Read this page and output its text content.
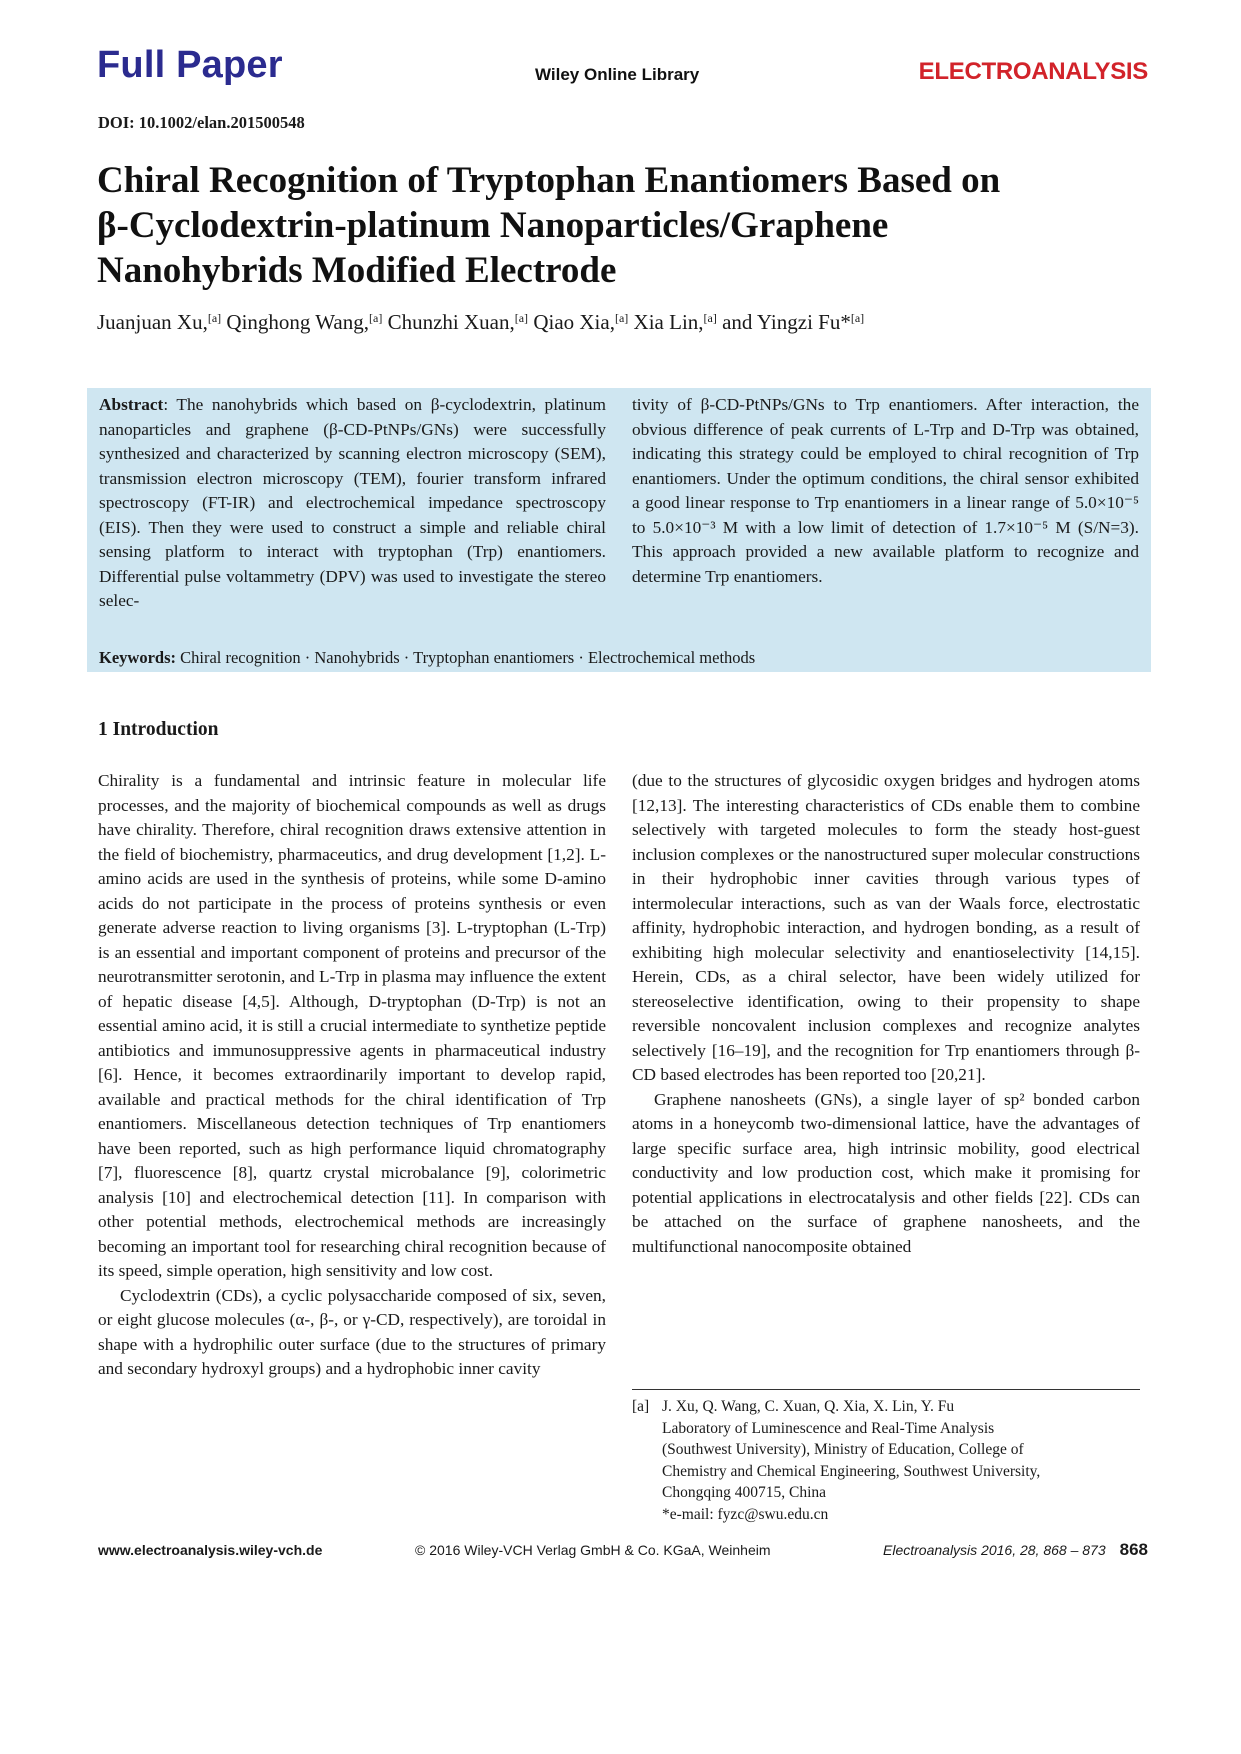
Full Paper	Wiley Online Library	ELECTROANALYSIS
DOI: 10.1002/elan.201500548
Chiral Recognition of Tryptophan Enantiomers Based on
β-Cyclodextrin-platinum Nanoparticles/Graphene
Nanohybrids Modified Electrode
Juanjuan Xu,[a] Qinghong Wang,[a] Chunzhi Xuan,[a] Qiao Xia,[a] Xia Lin,[a] and Yingzi Fu*[a]

Abstract: The nanohybrids which based on β-cyclodextrin, platinum nanoparticles and graphene (β-CD-PtNPs/GNs) were successfully synthesized and characterized by scanning electron microscopy (SEM), transmission electron microscopy (TEM), fourier transform infrared spectroscopy (FT-IR) and electrochemical impedance spectroscopy (EIS). Then they were used to construct a simple and reliable chiral sensing platform to interact with tryptophan (Trp) enantiomers. Differential pulse voltammetry (DPV) was used to investigate the stereo selec-

tivity of β-CD-PtNPs/GNs to Trp enantiomers. After interaction, the obvious difference of peak currents of L-Trp and D-Trp was obtained, indicating this strategy could be employed to chiral recognition of Trp enantiomers. Under the optimum conditions, the chiral sensor exhibited a good linear response to Trp enantiomers in a linear range of 5.0×10⁻⁵ to 5.0×10⁻³ M with a low limit of detection of 1.7×10⁻⁵ M (S/N=3). This approach provided a new available platform to recognize and determine Trp enantiomers.

Keywords: Chiral recognition · Nanohybrids · Tryptophan enantiomers · Electrochemical methods
1 Introduction

Chirality is a fundamental and intrinsic feature in molecular life processes, and the majority of biochemical compounds as well as drugs have chirality. Therefore, chiral recognition draws extensive attention in the field of biochemistry, pharmaceutics, and drug development [1,2]. L-amino acids are used in the synthesis of proteins, while some D-amino acids do not participate in the process of proteins synthesis or even generate adverse reaction to living organisms [3]. L-tryptophan (L-Trp) is an essential and important component of proteins and precursor of the neurotransmitter serotonin, and L-Trp in plasma may influence the extent of hepatic disease [4,5]. Although, D-tryptophan (D-Trp) is not an essential amino acid, it is still a crucial intermediate to synthetize peptide antibiotics and immunosuppressive agents in pharmaceutical industry [6]. Hence, it becomes extraordinarily important to develop rapid, available and practical methods for the chiral identification of Trp enantiomers. Miscellaneous detection techniques of Trp enantiomers have been reported, such as high performance liquid chromatography [7], fluorescence [8], quartz crystal microbalance [9], colorimetric analysis [10] and electrochemical detection [11]. In comparison with other potential methods, electrochemical methods are increasingly becoming an important tool for researching chiral recognition because of its speed, simple operation, high sensitivity and low cost.

Cyclodextrin (CDs), a cyclic polysaccharide composed of six, seven, or eight glucose molecules (α-, β-, or γ-CD, respectively), are toroidal in shape with a hydrophilic outer surface (due to the structures of primary and secondary hydroxyl groups) and a hydrophobic inner cavity

(due to the structures of glycosidic oxygen bridges and hydrogen atoms [12,13]. The interesting characteristics of CDs enable them to combine selectively with targeted molecules to form the steady host-guest inclusion complexes or the nanostructured super molecular constructions in their hydrophobic inner cavities through various types of intermolecular interactions, such as van der Waals force, electrostatic affinity, hydrophobic interaction, and hydrogen bonding, as a result of exhibiting high molecular selectivity and enantioselectivity [14,15]. Herein, CDs, as a chiral selector, have been widely utilized for stereoselective identification, owing to their propensity to shape reversible noncovalent inclusion complexes and recognize analytes selectively [16–19], and the recognition for Trp enantiomers through β-CD based electrodes has been reported too [20,21].

Graphene nanosheets (GNs), a single layer of sp² bonded carbon atoms in a honeycomb two-dimensional lattice, have the advantages of large specific surface area, high intrinsic mobility, good electrical conductivity and low production cost, which make it promising for potential applications in electrocatalysis and other fields [22]. CDs can be attached on the surface of graphene nanosheets, and the multifunctional nanocomposite obtained

[a] J. Xu, Q. Wang, C. Xuan, Q. Xia, X. Lin, Y. Fu
Laboratory of Luminescence and Real-Time Analysis
(Southwest University), Ministry of Education, College of
Chemistry and Chemical Engineering, Southwest University,
Chongqing 400715, China
*e-mail: fyzc@swu.edu.cn
www.electroanalysis.wiley-vch.de	© 2016 Wiley-VCH Verlag GmbH & Co. KGaA, Weinheim	Electroanalysis 2016, 28, 868 – 873 868
